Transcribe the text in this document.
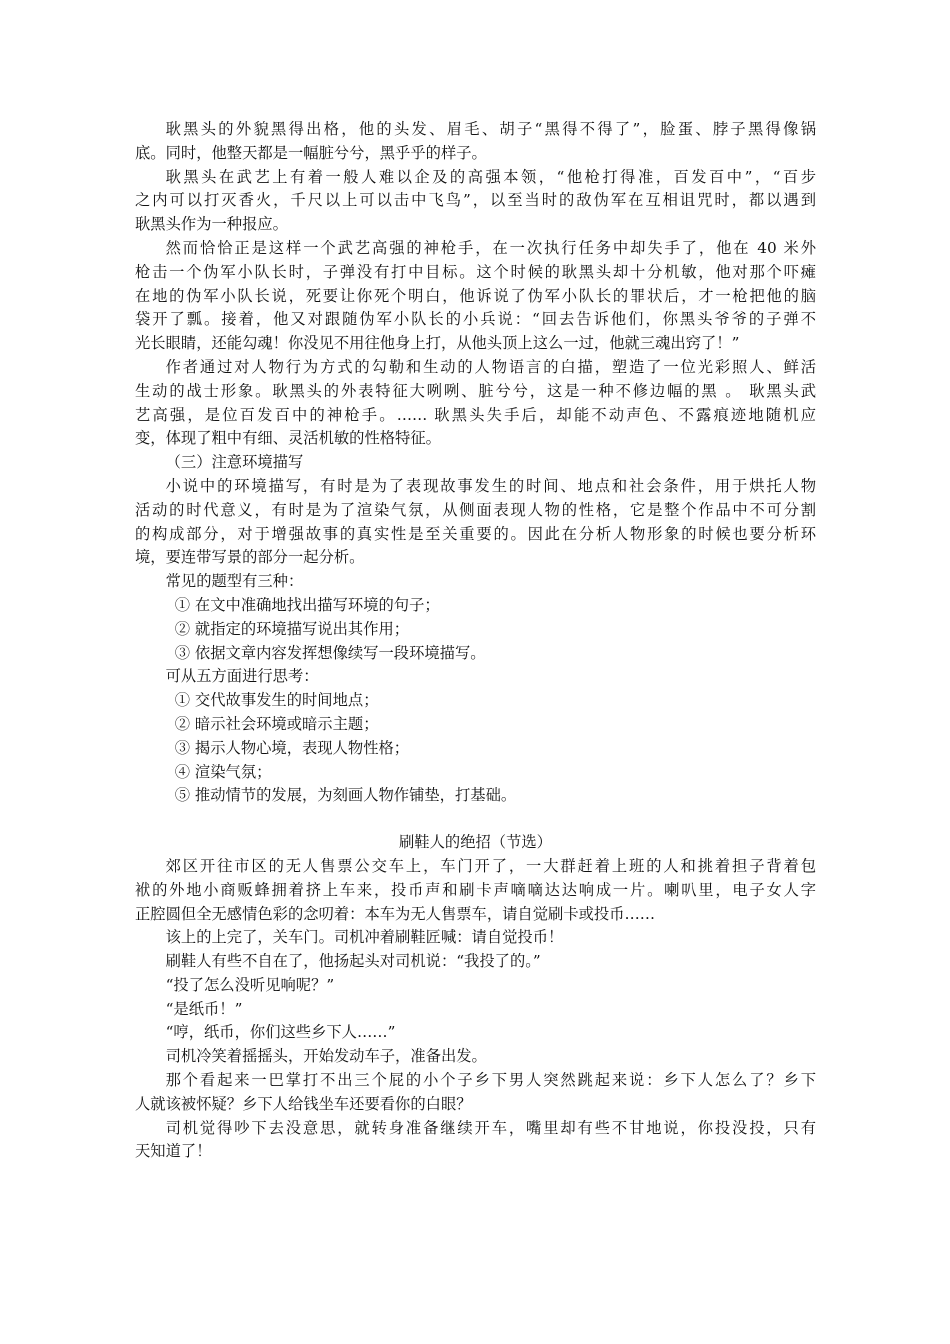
耿黑头的外貌黑得出格，他的头发、眉毛、胡子“黑得不得了”，脸蛋、脖子黑得像锅
底。同时，他整天都是一幅脏兮兮，黑乎乎的样子。
耿黑头在武艺上有着一般人难以企及的高强本领，“他枪打得准，百发百中”，“百步
之内可以打灭香火，千尺以上可以击中飞鸟”，以至当时的敌伪军在互相诅咒时，都以遇到
耿黑头作为一种报应。
然而恰恰正是这样一个武艺高强的神枪手，在一次执行任务中却失手了，他在 40 米外
枪击一个伪军小队长时，子弹没有打中目标。这个时候的耿黑头却十分机敏，他对那个吓瘫
在地的伪军小队长说，死要让你死个明白，他诉说了伪军小队长的罪状后，才一枪把他的脑
袋开了瓢。接着，他又对跟随伪军小队长的小兵说：“回去告诉他们，你黑头爷爷的子弹不
光长眼睛，还能勾魂！你没见不用往他身上打，从他头顶上这么一过，他就三魂出窍了！”
作者通过对人物行为方式的勾勒和生动的人物语言的白描，塑造了一位光彩照人、鲜活
生动的战士形象。耿黑头的外表特征大咧咧、脏兮兮，这是一种不修边幅的黑 。 耿黑头武
艺高强，是位百发百中的神枪手。…… 耿黑头失手后，却能不动声色、不露痕迹地随机应
变，体现了粗中有细、灵活机敏的性格特征。
（三）注意环境描写
小说中的环境描写，有时是为了表现故事发生的时间、地点和社会条件，用于烘托人物
活动的时代意义，有时是为了渲染气氛，从侧面表现人物的性格，它是整个作品中不可分割
的构成部分，对于增强故事的真实性是至关重要的。因此在分析人物形象的时候也要分析环
境，要连带写景的部分一起分析。
常见的题型有三种：
① 在文中准确地找出描写环境的句子；
② 就指定的环境描写说出其作用；
③ 依据文章内容发挥想像续写一段环境描写。
可从五方面进行思考：
① 交代故事发生的时间地点；
② 暗示社会环境或暗示主题；
③ 揭示人物心境，表现人物性格；
④ 渲染气氛；
⑤ 推动情节的发展，为刻画人物作铺垫，打基础。
刷鞋人的绝招（节选）
郊区开往市区的无人售票公交车上，车门开了，一大群赶着上班的人和挑着担子背着包
袱的外地小商贩蜂拥着挤上车来，投币声和刷卡声嘀嘀达达响成一片。喇叭里，电子女人字
正腔圆但全无感情色彩的念叨着：本车为无人售票车，请自觉刷卡或投币……
该上的上完了，关车门。司机冲着刷鞋匠喊：请自觉投币！
刷鞋人有些不自在了，他扬起头对司机说：“我投了的。”
“投了怎么没听见响呢？”
“是纸币！”
“哼，纸币，你们这些乡下人……”
司机冷笑着摇摇头，开始发动车子，准备出发。
那个看起来一巴掌打不出三个屁的小个子乡下男人突然跳起来说：乡下人怎么了？乡下
人就该被怀疑？乡下人给钱坐车还要看你的白眼？
司机觉得吵下去没意思，就转身准备继续开车，嘴里却有些不甘地说，你投没投，只有
天知道了！
